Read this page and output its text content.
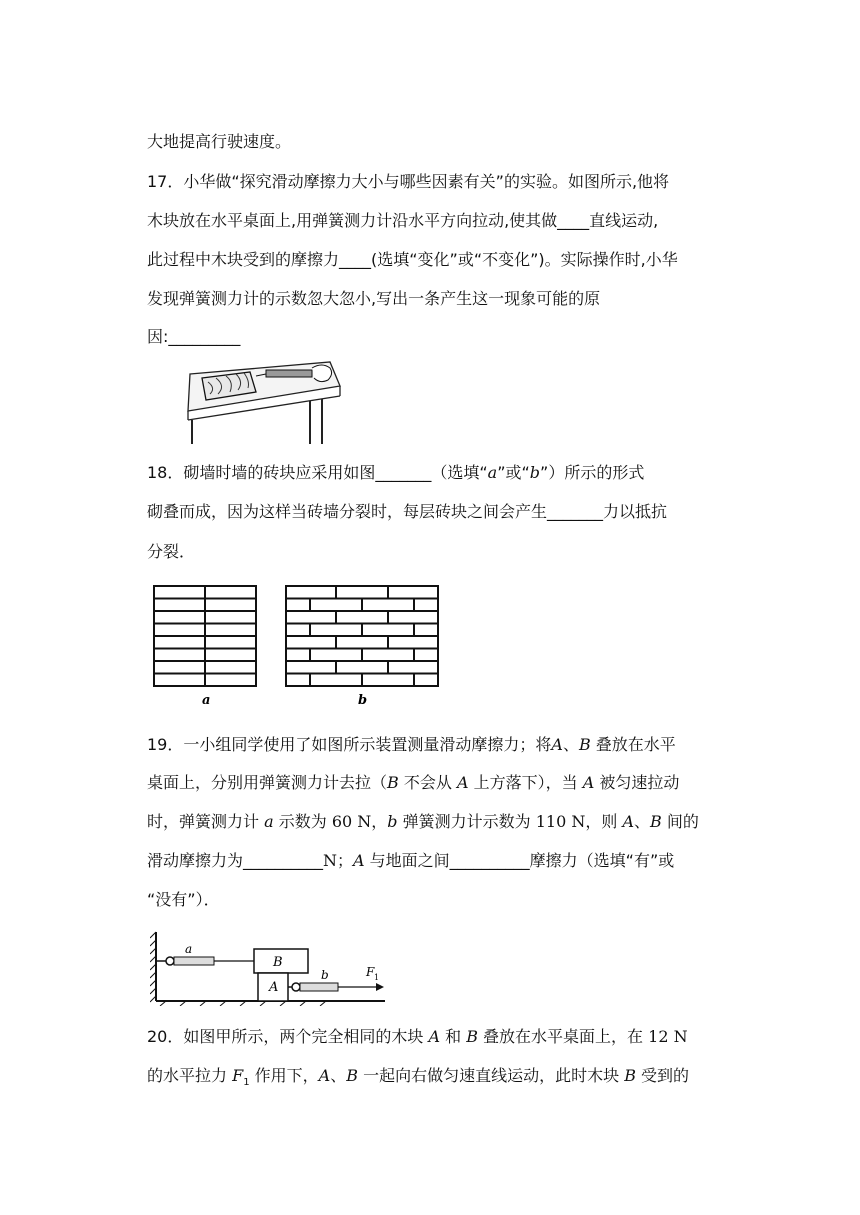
大地提高行驶速度。
17．小华做“探究滑动摩擦力大小与哪些因素有关”的实验。如图所示,他将
木块放在水平桌面上,用弹簧测力计沿水平方向拉动,使其做____直线运动,
此过程中木块受到的摩擦力____(选填“变化”或“不变化”)。实际操作时,小华
发现弹簧测力计的示数忽大忽小,写出一条产生这一现象可能的原
因:_________
18．砌墙时墙的砖块应采用如图_______（选填“a”或“b”）所示的形式
砌叠而成，因为这样当砖墙分裂时，每层砖块之间会产生_______力以抵抗
分裂．
a	b
19．一小组同学使用了如图所示装置测量滑动摩擦力；将A、B 叠放在水平
桌面上，分别用弹簧测力计去拉（B 不会从 A 上方落下），当 A 被匀速拉动
时，弹簧测力计 a 示数为 60 N，b 弹簧测力计示数为 110 N，则 A、B 间的
滑动摩擦力为__________N；A 与地面之间__________摩擦力（选填“有”或
“没有”）．
a
B
A
b	F 1
20．如图甲所示，两个完全相同的木块 A 和 B 叠放在水平桌面上，在 12 N
的水平拉力 $F_1$ 作用下，A、B 一起向右做匀速直线运动，此时木块 B 受到的
